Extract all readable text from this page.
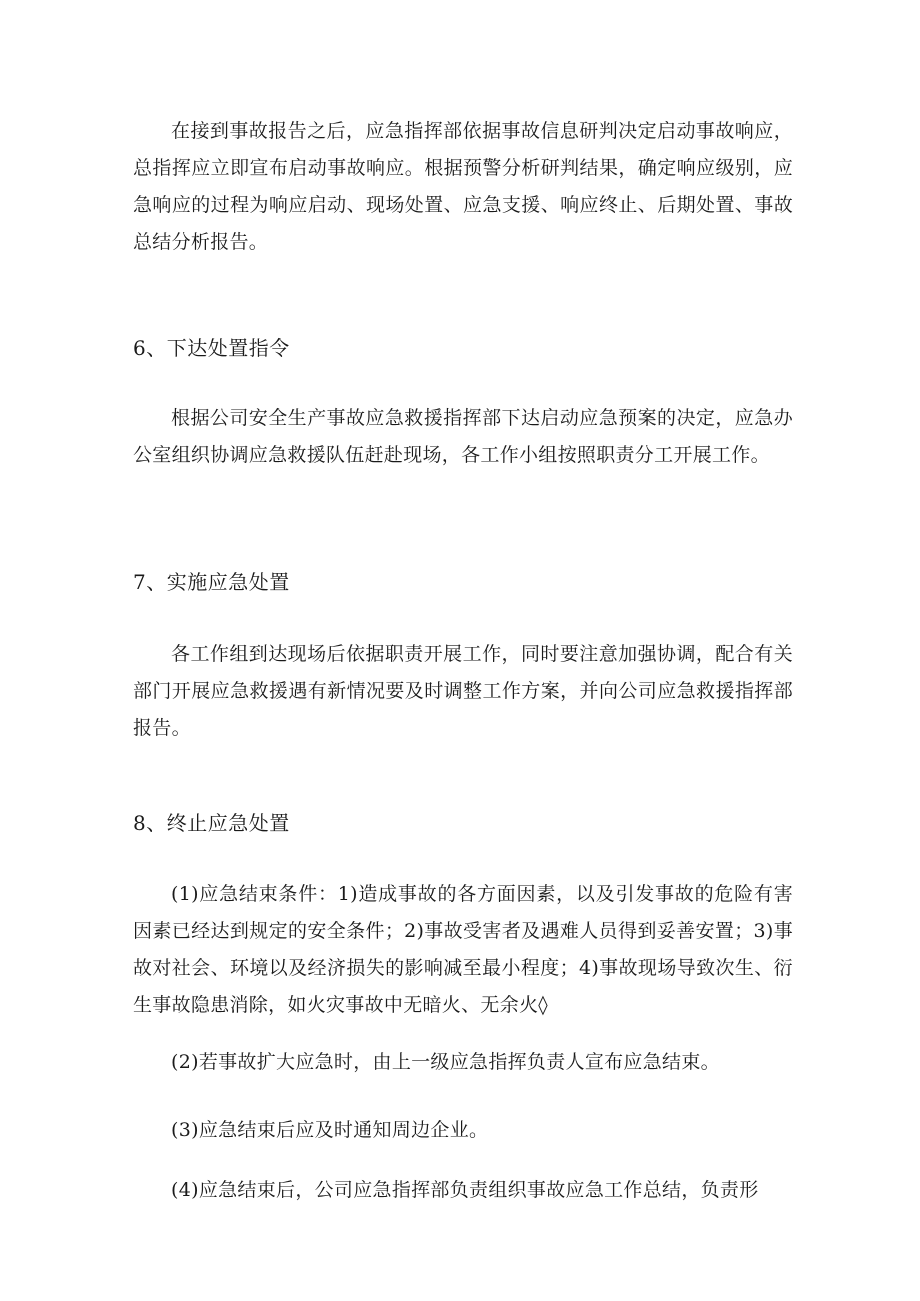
在接到事故报告之后，应急指挥部依据事故信息研判决定启动事故响应，总指挥应立即宣布启动事故响应。根据预警分析研判结果，确定响应级别，应急响应的过程为响应启动、现场处置、应急支援、响应终止、后期处置、事故总结分析报告。

6、下达处置指令

根据公司安全生产事故应急救援指挥部下达启动应急预案的决定，应急办公室组织协调应急救援队伍赶赴现场，各工作小组按照职责分工开展工作。

7、实施应急处置

各工作组到达现场后依据职责开展工作，同时要注意加强协调，配合有关部门开展应急救援遇有新情况要及时调整工作方案，并向公司应急救援指挥部报告。

8、终止应急处置

(1)应急结束条件：1)造成事故的各方面因素，以及引发事故的危险有害因素已经达到规定的安全条件；2)事故受害者及遇难人员得到妥善安置；3)事故对社会、环境以及经济损失的影响减至最小程度；4)事故现场导致次生、衍生事故隐患消除，如火灾事故中无暗火、无余火◊

(2)若事故扩大应急时，由上一级应急指挥负责人宣布应急结束。

(3)应急结束后应及时通知周边企业。

(4)应急结束后，公司应急指挥部负责组织事故应急工作总结，负责形
